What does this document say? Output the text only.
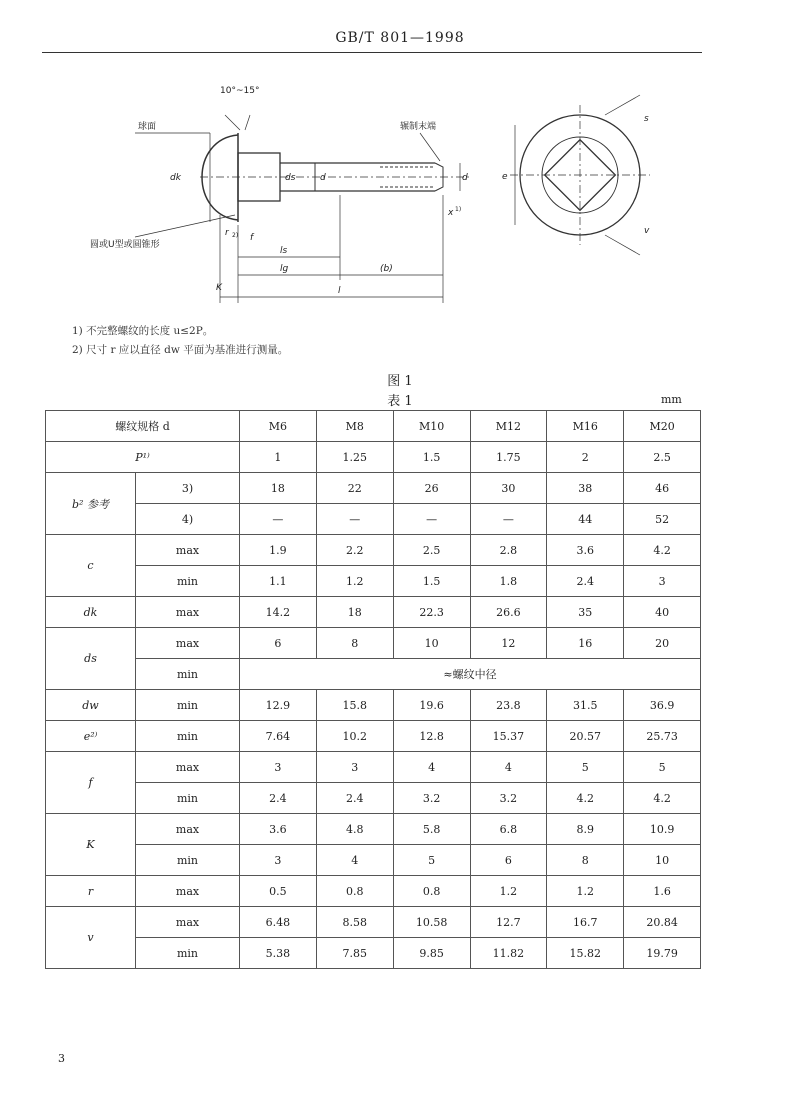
GB/T 801—1998
10°~15°
球面	辗制末端
圆或U型或圆锥形
dk	ds	d	d
r 2) f
x 1)
ls
lg	(b)
K	l
e
s
v
1) 不完整螺纹的长度 u≤2P。
2) 尺寸 r 应以直径 dw 平面为基准进行测量。
图 1
表 1	mm
螺纹规格 d		M6	M8	M10	M12	M16	M20
P¹⁾		1	1.25	1.5	1.75	2	2.5
b² 参考	3)	18	22	26	30	38	46
	4)	—	—	—	—	44	52
c	max	1.9	2.2	2.5	2.8	3.6	4.2
	min	1.1	1.2	1.5	1.8	2.4	3
dk	max	14.2	18	22.3	26.6	35	40
ds	max	6	8	10	12	16	20
	min	≈螺纹中径					
dw	min	12.9	15.8	19.6	23.8	31.5	36.9
e²⁾	min	7.64	10.2	12.8	15.37	20.57	25.73
f	max	3	3	4	4	5	5
	min	2.4	2.4	3.2	3.2	4.2	4.2
K	max	3.6	4.8	5.8	6.8	8.9	10.9
	min	3	4	5	6	8	10
r	max	0.5	0.8	0.8	1.2	1.2	1.6
v	max	6.48	8.58	10.58	12.7	16.7	20.84
	min	5.38	7.85	9.85	11.82	15.82	19.79
3
